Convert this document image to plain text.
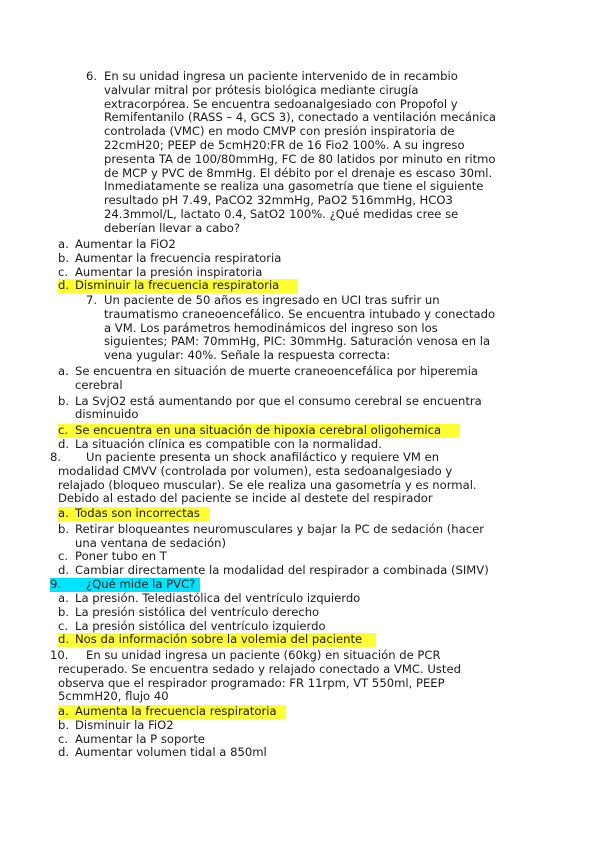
6. En su unidad ingresa un paciente intervenido de in recambio
valvular mitral por prótesis biológica mediante cirugía
extracorpórea. Se encuentra sedoanalgesiado con Propofol y
Remifentanilo (RASS – 4, GCS 3), conectado a ventilación mecánica
controlada (VMC) en modo CMVP con presión inspiratoria de
22cmH20; PEEP de 5cmH20:FR de 16 Fio2 100%. A su ingreso
presenta TA de 100/80mmHg, FC de 80 latidos por minuto en ritmo
de MCP y PVC de 8mmHg. El débito por el drenaje es escaso 30ml.
Inmediatamente se realiza una gasometría que tiene el siguiente
resultado pH 7.49, PaCO2 32mmHg, PaO2 516mmHg, HCO3
24.3mmol/L, lactato 0.4, SatO2 100%. ¿Qué medidas cree se
deberían llevar a cabo?
a. Aumentar la FiO2
b. Aumentar la frecuencia respiratoria
c. Aumentar la presión inspiratoria
d. Disminuir la frecuencia respiratoria
7. Un paciente de 50 años es ingresado en UCI tras sufrir un
traumatismo craneoencefálico. Se encuentra intubado y conectado
a VM. Los parámetros hemodinámicos del ingreso son los
siguientes; PAM: 70mmHg, PIC: 30mmHg. Saturación venosa en la
vena yugular: 40%. Señale la respuesta correcta:
a. Se encuentra en situación de muerte craneoencefálica por hiperemia
cerebral
b. La SvjO2 está aumentando por que el consumo cerebral se encuentra
disminuido
c. Se encuentra en una situación de hipoxia cerebral oligohemica
d. La situación clínica es compatible con la normalidad.
8.	Un paciente presenta un shock anafiláctico y requiere VM en
modalidad CMVV (controlada por volumen), esta sedoanalgesiado y
relajado (bloqueo muscular). Se ele realiza una gasometría y es normal.
Debido al estado del paciente se incide al destete del respirador
a. Todas son incorrectas
b. Retirar bloqueantes neuromusculares y bajar la PC de sedación (hacer
una ventana de sedación)
c. Poner tubo en T
d. Cambiar directamente la modalidad del respirador a combinada (SIMV)
9. ¿Qué mide la PVC?
a. La presión. Telediastólica del ventrículo izquierdo
b. La presión sistólica del ventrículo derecho
c. La presión sistólica del ventrículo izquierdo
d. Nos da información sobre la volemia del paciente
10.	En su unidad ingresa un paciente (60kg) en situación de PCR
recuperado. Se encuentra sedado y relajado conectado a VMC. Usted
observa que el respirador programado: FR 11rpm, VT 550ml, PEEP
5cmmH20, flujo 40
a. Aumenta la frecuencia respiratoria
b. Disminuir la FiO2
c. Aumentar la P soporte
d. Aumentar volumen tidal a 850ml
